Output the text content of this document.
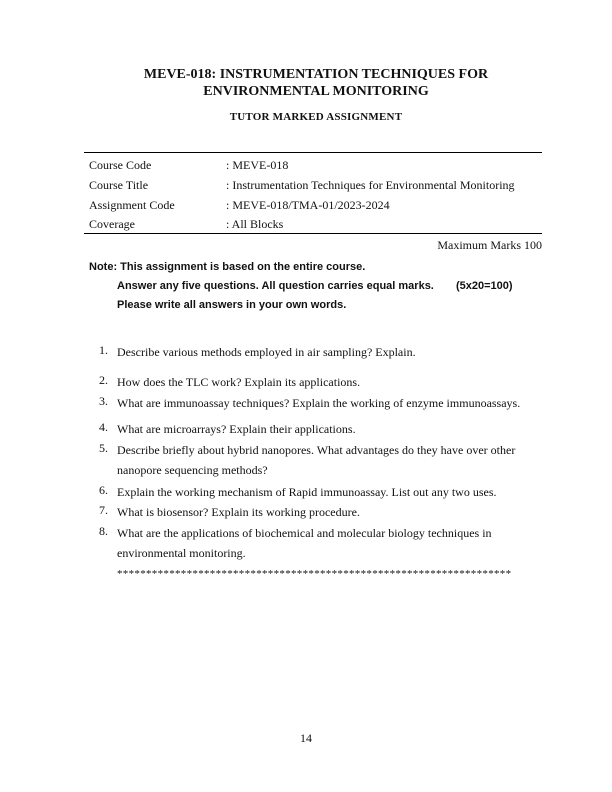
MEVE-018: INSTRUMENTATION TECHNIQUES FOR
ENVIRONMENTAL MONITORING
TUTOR MARKED ASSIGNMENT
Course Code	: MEVE-018
Course Title	: Instrumentation Techniques for Environmental Monitoring
Assignment Code	: MEVE-018/TMA-01/2023-2024
Coverage	: All Blocks
Maximum Marks 100
Note: This assignment is based on the entire course.
Answer any five questions. All question carries equal marks. (5x20=100)
Please write all answers in your own words.
1. Describe various methods employed in air sampling? Explain.
2. How does the TLC work? Explain its applications.
3. What are immunoassay techniques? Explain the working of enzyme immunoassays.
4. What are microarrays? Explain their applications.
5. Describe briefly about hybrid nanopores. What advantages do they have over other nanopore sequencing methods?
6. Explain the working mechanism of Rapid immunoassay. List out any two uses.
7. What is biosensor? Explain its working procedure.
8. What are the applications of biochemical and molecular biology techniques in environmental monitoring.
********************************************************************
14
